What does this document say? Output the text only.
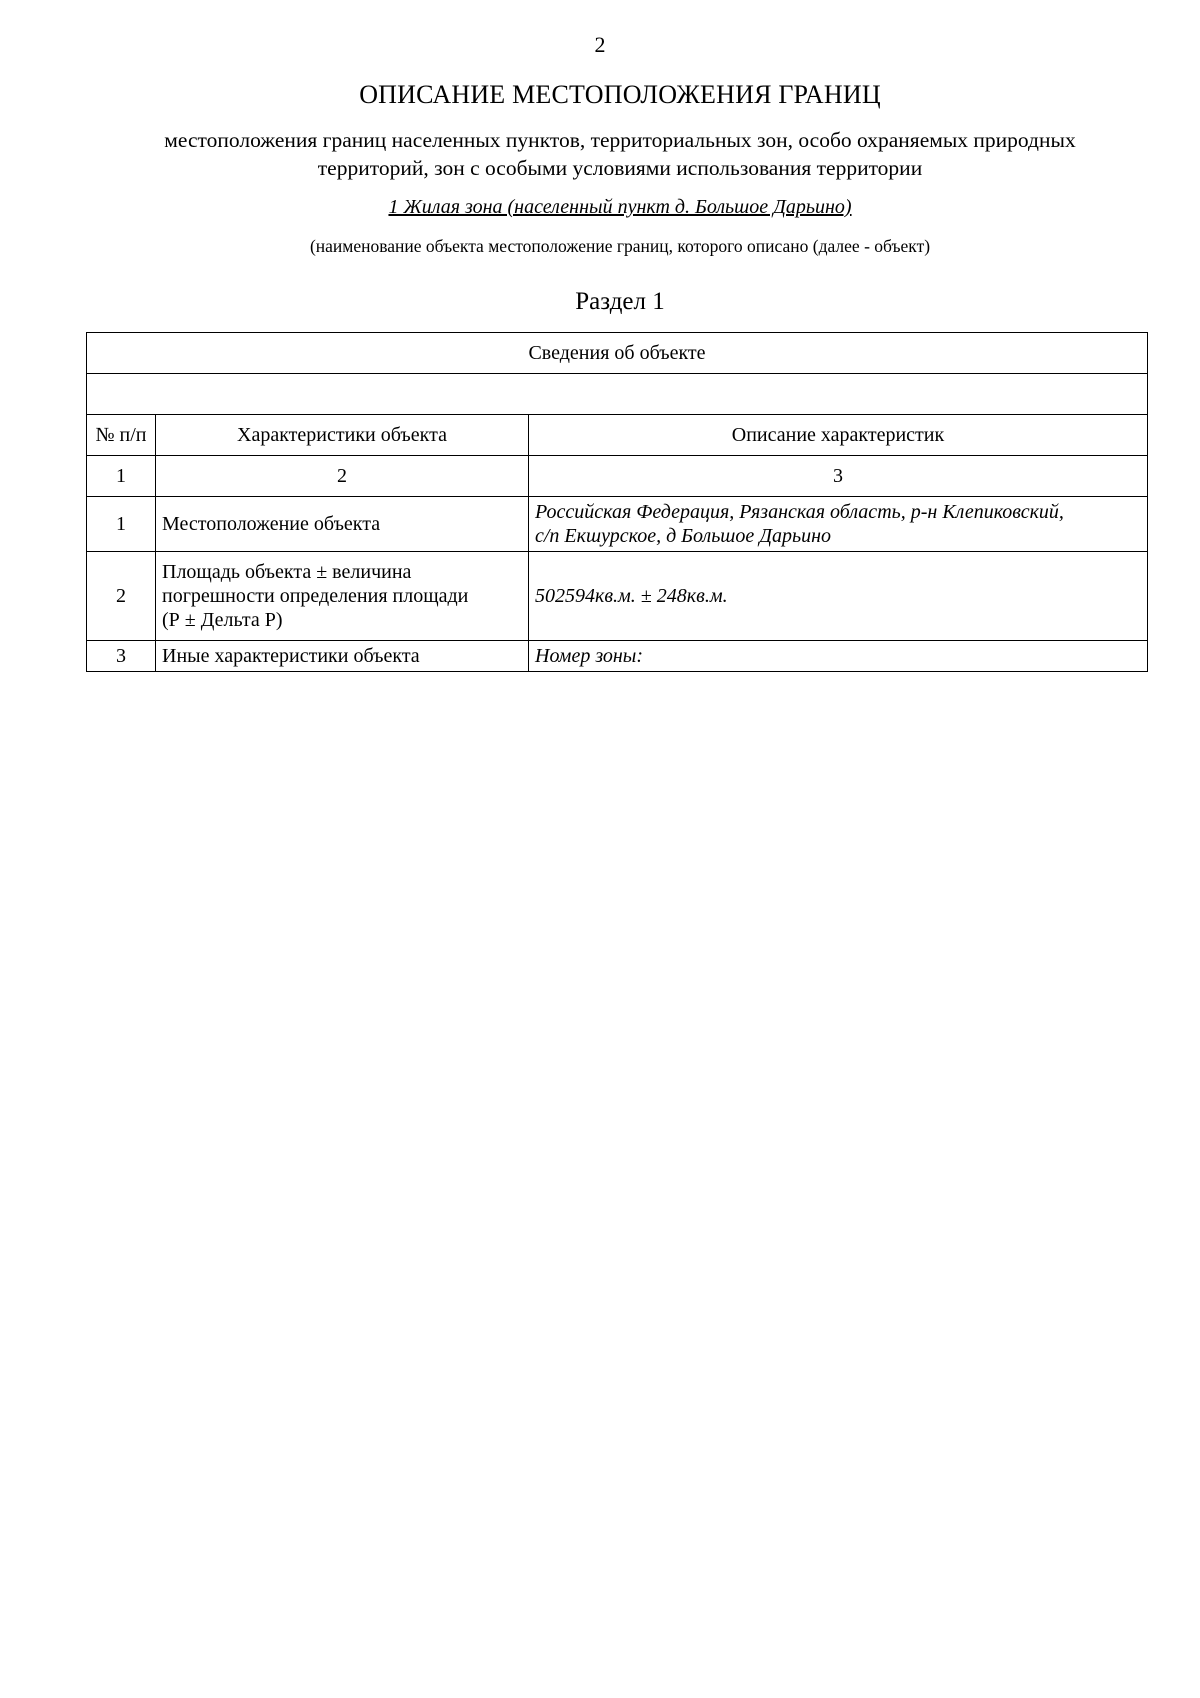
2
ОПИСАНИЕ МЕСТОПОЛОЖЕНИЯ ГРАНИЦ
местоположения границ населенных пунктов, территориальных зон, особо охраняемых природных
территорий, зон с особыми условиями использования территории
1 Жилая зона (населенный пункт д. Большое Дарьино)
(наименование объекта местоположение границ, которого описано (далее - объект)
Раздел 1
Сведения об объекте		

№ п/п	Характеристики объекта	Описание характеристик
1	2	3
1	Местоположение объекта	Российская Федерация, Рязанская область, р-н Клепиковский,
с/п Екшурское, д Большое Дарьино

2	Площадь объекта ± величина
погрешности определения площади
(Р ± Дельта Р)	502594кв.м. ± 248кв.м.
3	Иные характеристики объекта	Номер зоны:
